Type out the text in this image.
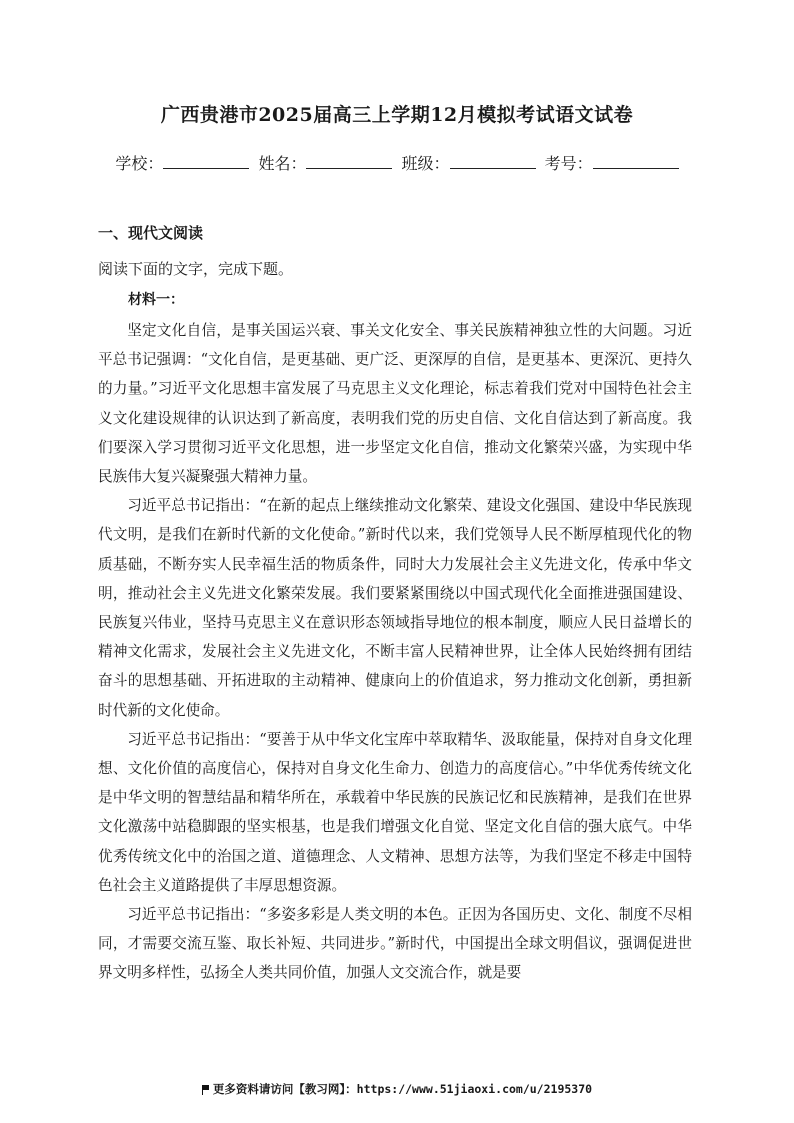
广西贵港市2025届高三上学期12月模拟考试语文试卷
学校：	姓名：	班级：	考号：
一、现代文阅读
阅读下面的文字，完成下题。
材料一：

坚定文化自信，是事关国运兴衰、事关文化安全、事关民族精神独立性的大问题。习近平总书记强调：“文化自信，是更基础、更广泛、更深厚的自信，是更基本、更深沉、更持久的力量。”习近平文化思想丰富发展了马克思主义文化理论，标志着我们党对中国特色社会主义文化建设规律的认识达到了新高度，表明我们党的历史自信、文化自信达到了新高度。我们要深入学习贯彻习近平文化思想，进一步坚定文化自信，推动文化繁荣兴盛，为实现中华民族伟大复兴凝聚强大精神力量。

习近平总书记指出：“在新的起点上继续推动文化繁荣、建设文化强国、建设中华民族现代文明，是我们在新时代新的文化使命。”新时代以来，我们党领导人民不断厚植现代化的物质基础，不断夯实人民幸福生活的物质条件，同时大力发展社会主义先进文化，传承中华文明，推动社会主义先进文化繁荣发展。我们要紧紧围绕以中国式现代化全面推进强国建设、民族复兴伟业，坚持马克思主义在意识形态领域指导地位的根本制度，顺应人民日益增长的精神文化需求，发展社会主义先进文化，不断丰富人民精神世界，让全体人民始终拥有团结奋斗的思想基础、开拓进取的主动精神、健康向上的价值追求，努力推动文化创新，勇担新时代新的文化使命。

习近平总书记指出：“要善于从中华文化宝库中萃取精华、汲取能量，保持对自身文化理想、文化价值的高度信心，保持对自身文化生命力、创造力的高度信心。”中华优秀传统文化是中华文明的智慧结晶和精华所在，承载着中华民族的民族记忆和民族精神，是我们在世界文化激荡中站稳脚跟的坚实根基，也是我们增强文化自觉、坚定文化自信的强大底气。中华优秀传统文化中的治国之道、道德理念、人文精神、思想方法等，为我们坚定不移走中国特色社会主义道路提供了丰厚思想资源。

习近平总书记指出：“多姿多彩是人类文明的本色。正因为各国历史、文化、制度不尽相同，才需要交流互鉴、取长补短、共同进步。”新时代，中国提出全球文明倡议，强调促进世界文明多样性，弘扬全人类共同价值，加强人文交流合作，就是要

更多资料请访问【教习网】：https://www.51jiaoxi.com/u/2195370
